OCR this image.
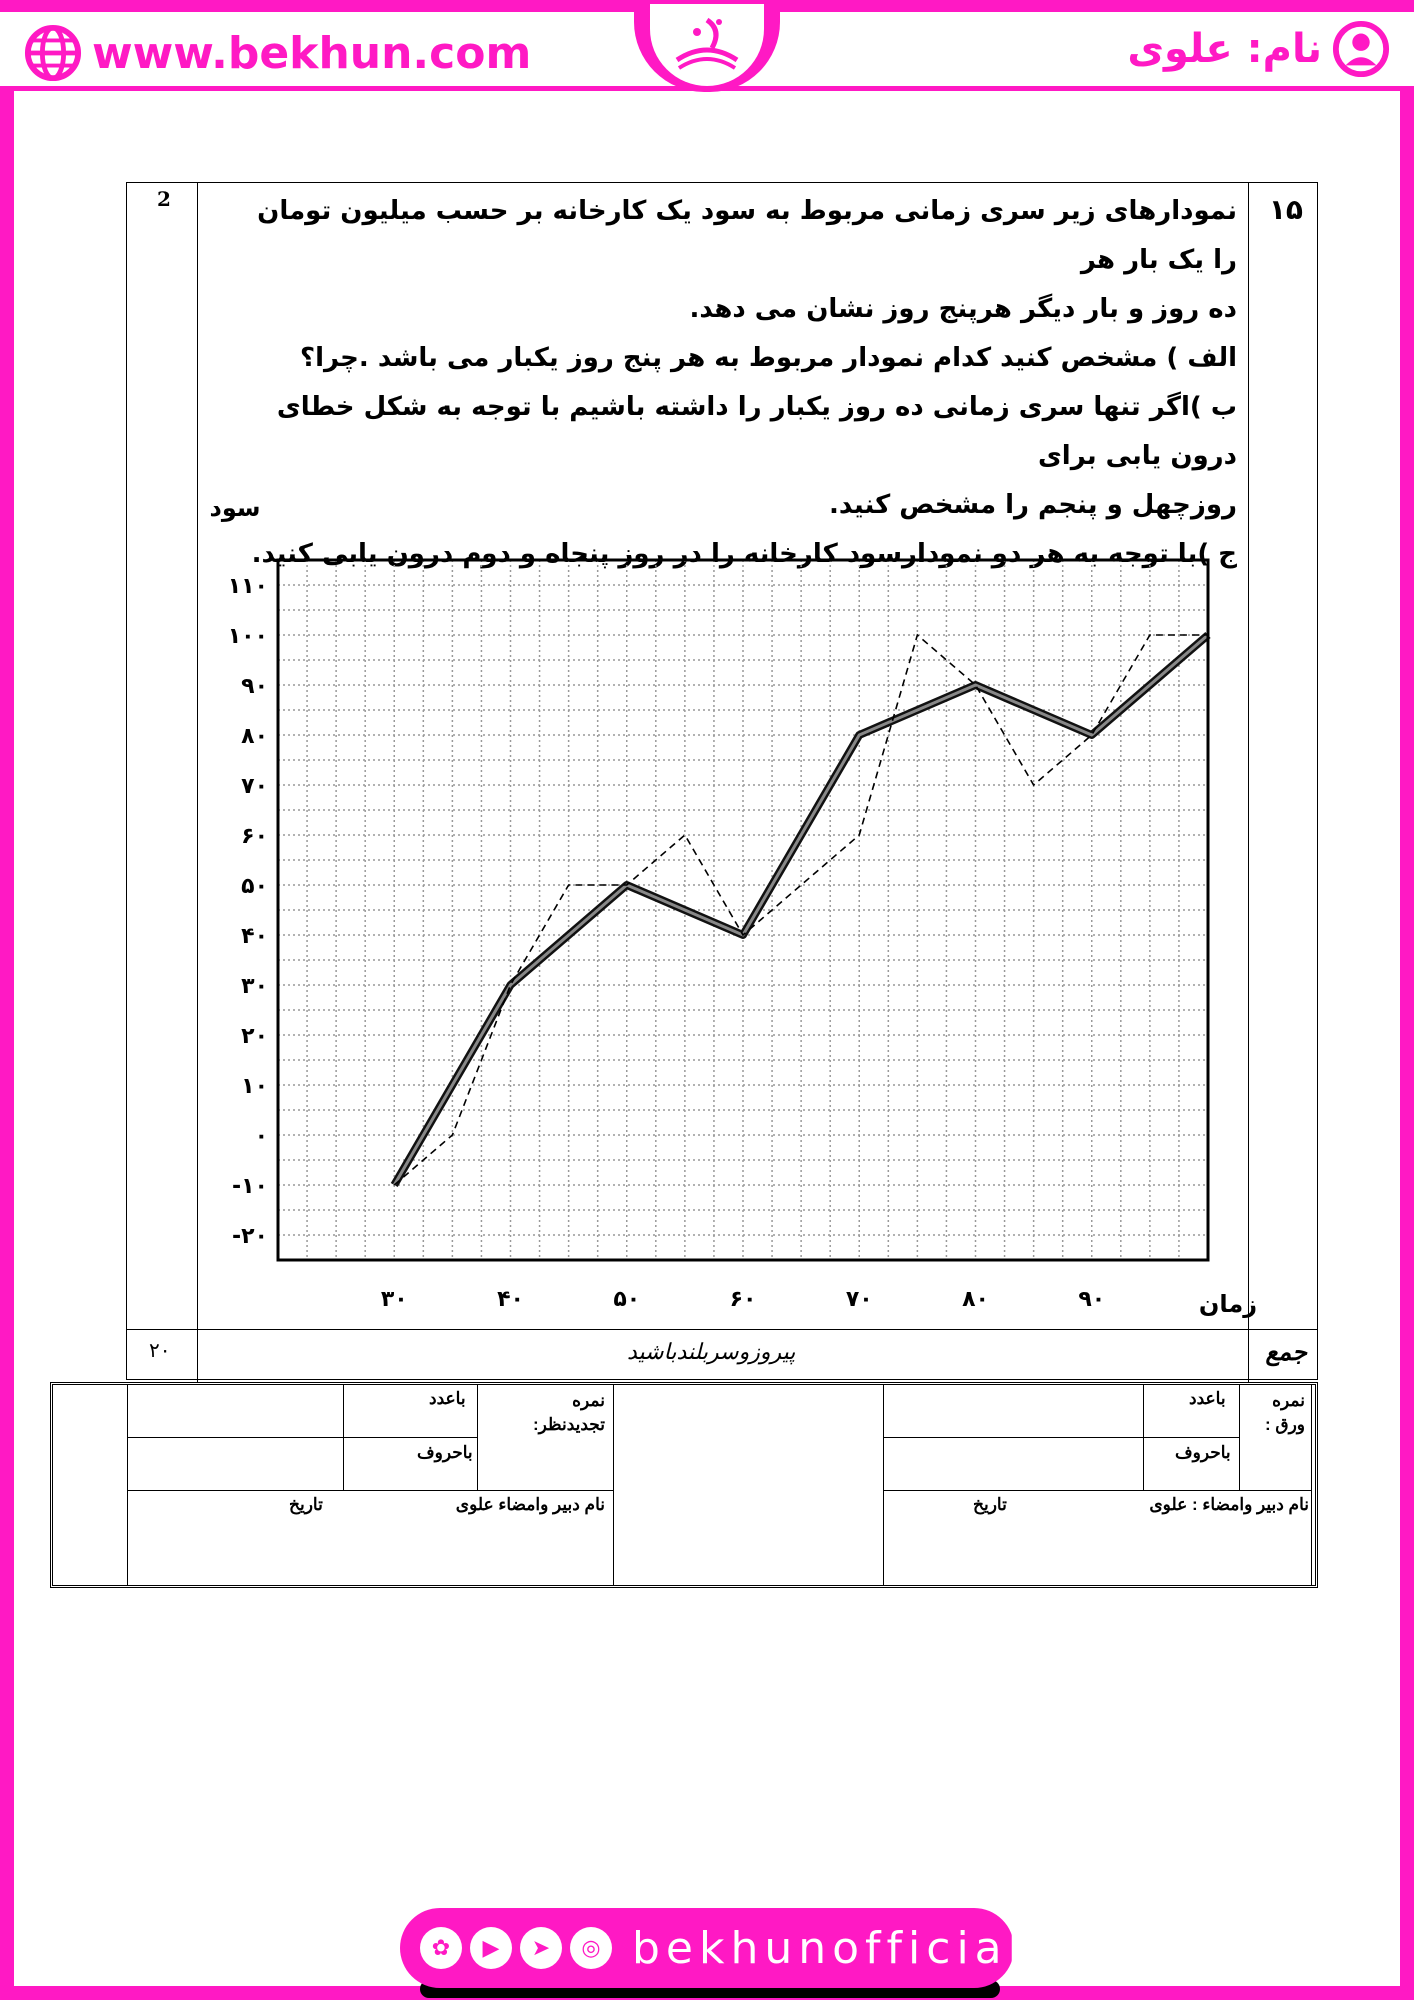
www.bekhun.com	نام: علوی
2	۱۵
نمودارهای زیر سری زمانی مربوط به سود یک کارخانه بر حسب میلیون تومان را یک بار هر
ده روز و بار دیگر هرپنج روز نشان می دهد.
الف ) مشخص کنید کدام نمودار مربوط به هر پنج روز یکبار می باشد .چرا؟
ب )اگر تنها سری زمانی ده روز یکبار را داشته باشیم با توجه به شکل خطای درون یابی برای
روزچهل و پنجم را مشخص کنید.
ج )با توجه به هر دو نمودارسود کارخانه را در روز پنجاه و دوم درون یابی کنید.
۲۰	پیروزوسربلندباشید	جمع
۱۱۰
۱۰۰
۹۰
۸۰
۷۰
۶۰
۵۰
۴۰
۳۰
۲۰
۱۰
۰
-۱۰
-۲۰
۳۰	۴۰	۵۰	۶۰	۷۰	۸۰	۹۰
سود
زمان
نمره ورق :
باعدد
باحروف
نام دبیر وامضاء : علوی
تاریخ
نمره تجدیدنظر:
باعدد
باحروف
نام دبیر وامضاء علوی
تاریخ
✿	▶	➤	◎ bekhunofficial
